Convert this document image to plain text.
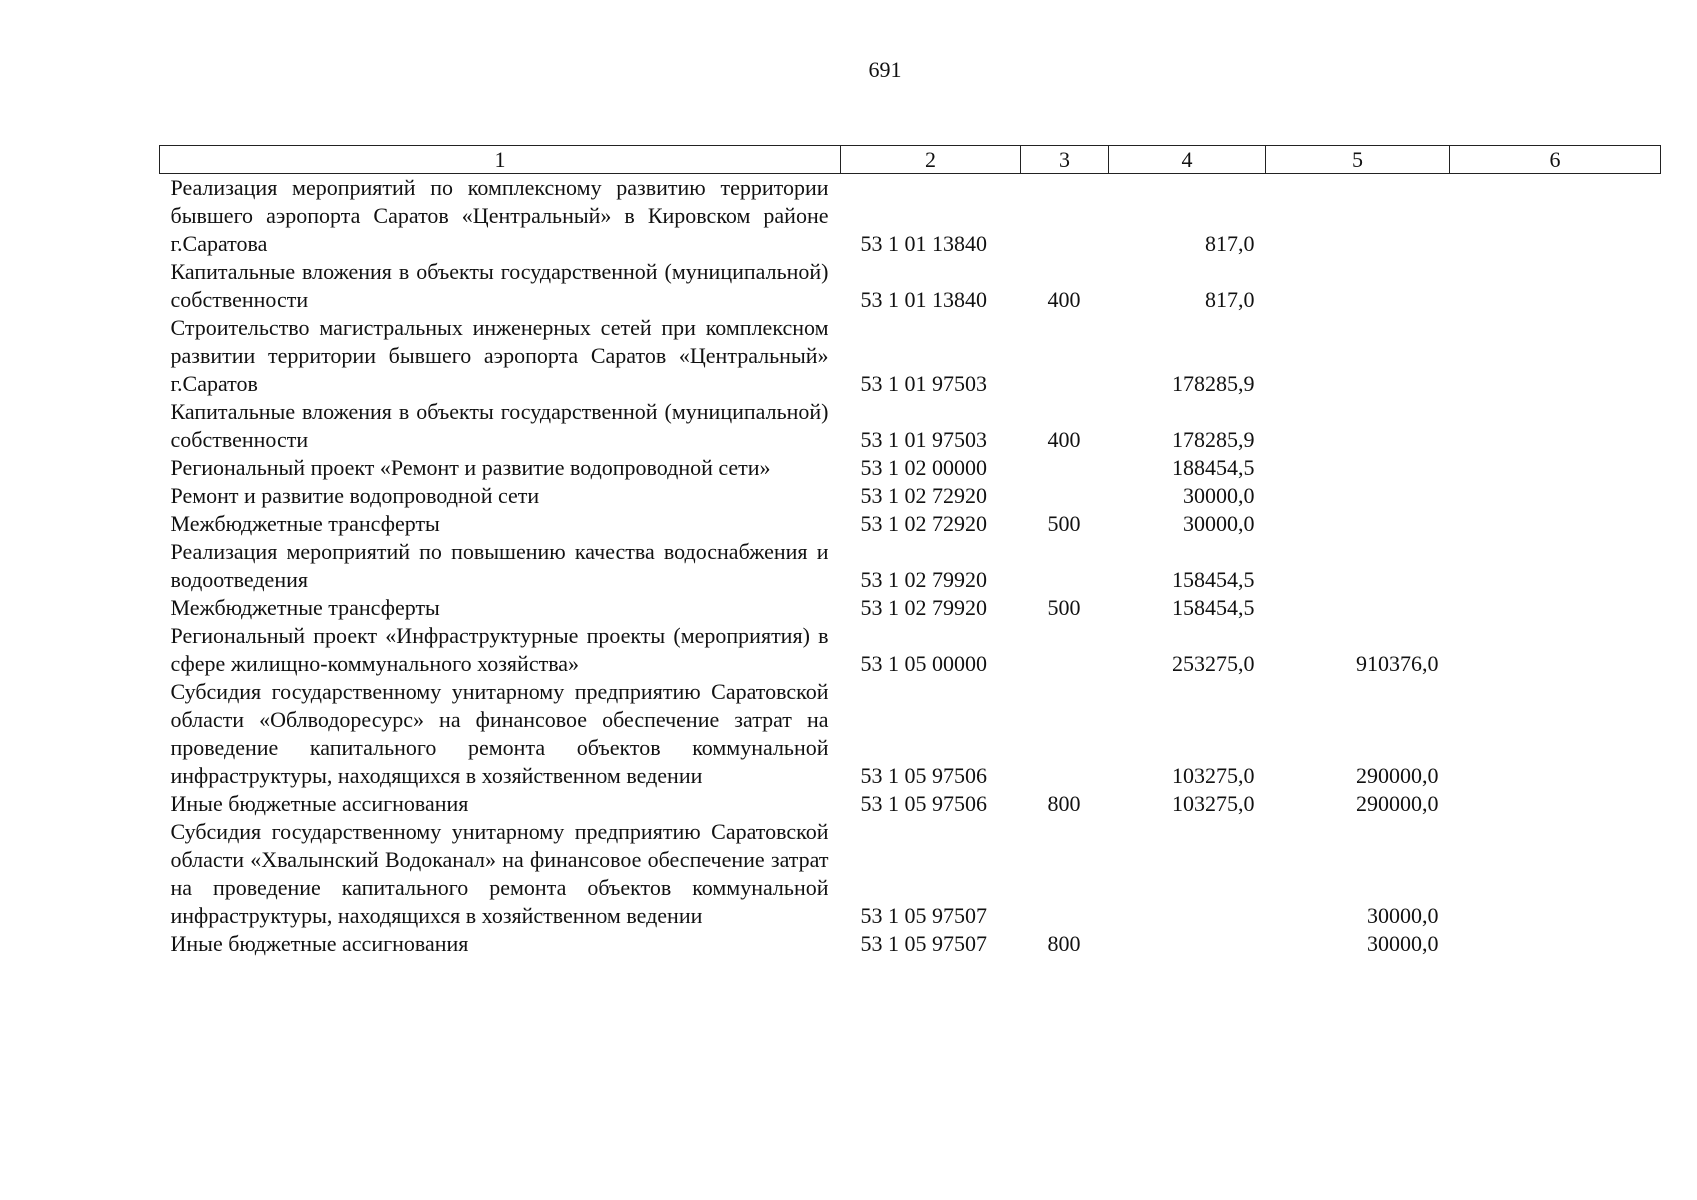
691
1	2	3	4	5	6
Реализация мероприятий по комплексному развитию территории бывшего аэропорта Саратов «Центральный» в Кировском районе г.Саратова	53 1 01 13840		817,0		
Капитальные вложения в объекты государственной (муниципальной) собственности	53 1 01 13840	400	817,0		
Строительство магистральных инженерных сетей при комплексном развитии территории бывшего аэропорта Саратов «Центральный» г.Саратов	53 1 01 97503		178285,9		
Капитальные вложения в объекты государственной (муниципальной) собственности	53 1 01 97503	400	178285,9		
Региональный проект «Ремонт и развитие водопроводной сети»	53 1 02 00000		188454,5		
Ремонт и развитие водопроводной сети	53 1 02 72920		30000,0		
Межбюджетные трансферты	53 1 02 72920	500	30000,0		
Реализация мероприятий по повышению качества водоснабжения и водоотведения	53 1 02 79920		158454,5		
Межбюджетные трансферты	53 1 02 79920	500	158454,5		
Региональный проект «Инфраструктурные проекты (мероприятия) в сфере жилищно-коммунального хозяйства»	53 1 05 00000		253275,0	910376,0	
Субсидия государственному унитарному предприятию Саратовской области «Облводоресурс» на финансовое обеспечение затрат на проведение капитального ремонта объектов коммунальной инфраструктуры, находящихся в хозяйственном ведении	53 1 05 97506		103275,0	290000,0	
Иные бюджетные ассигнования	53 1 05 97506	800	103275,0	290000,0	
Субсидия государственному унитарному предприятию Саратовской области «Хвалынский Водоканал» на финансовое обеспечение затрат на проведение капитального ремонта объектов коммунальной инфраструктуры, находящихся в хозяйственном ведении	53 1 05 97507			30000,0	
Иные бюджетные ассигнования	53 1 05 97507	800		30000,0	
